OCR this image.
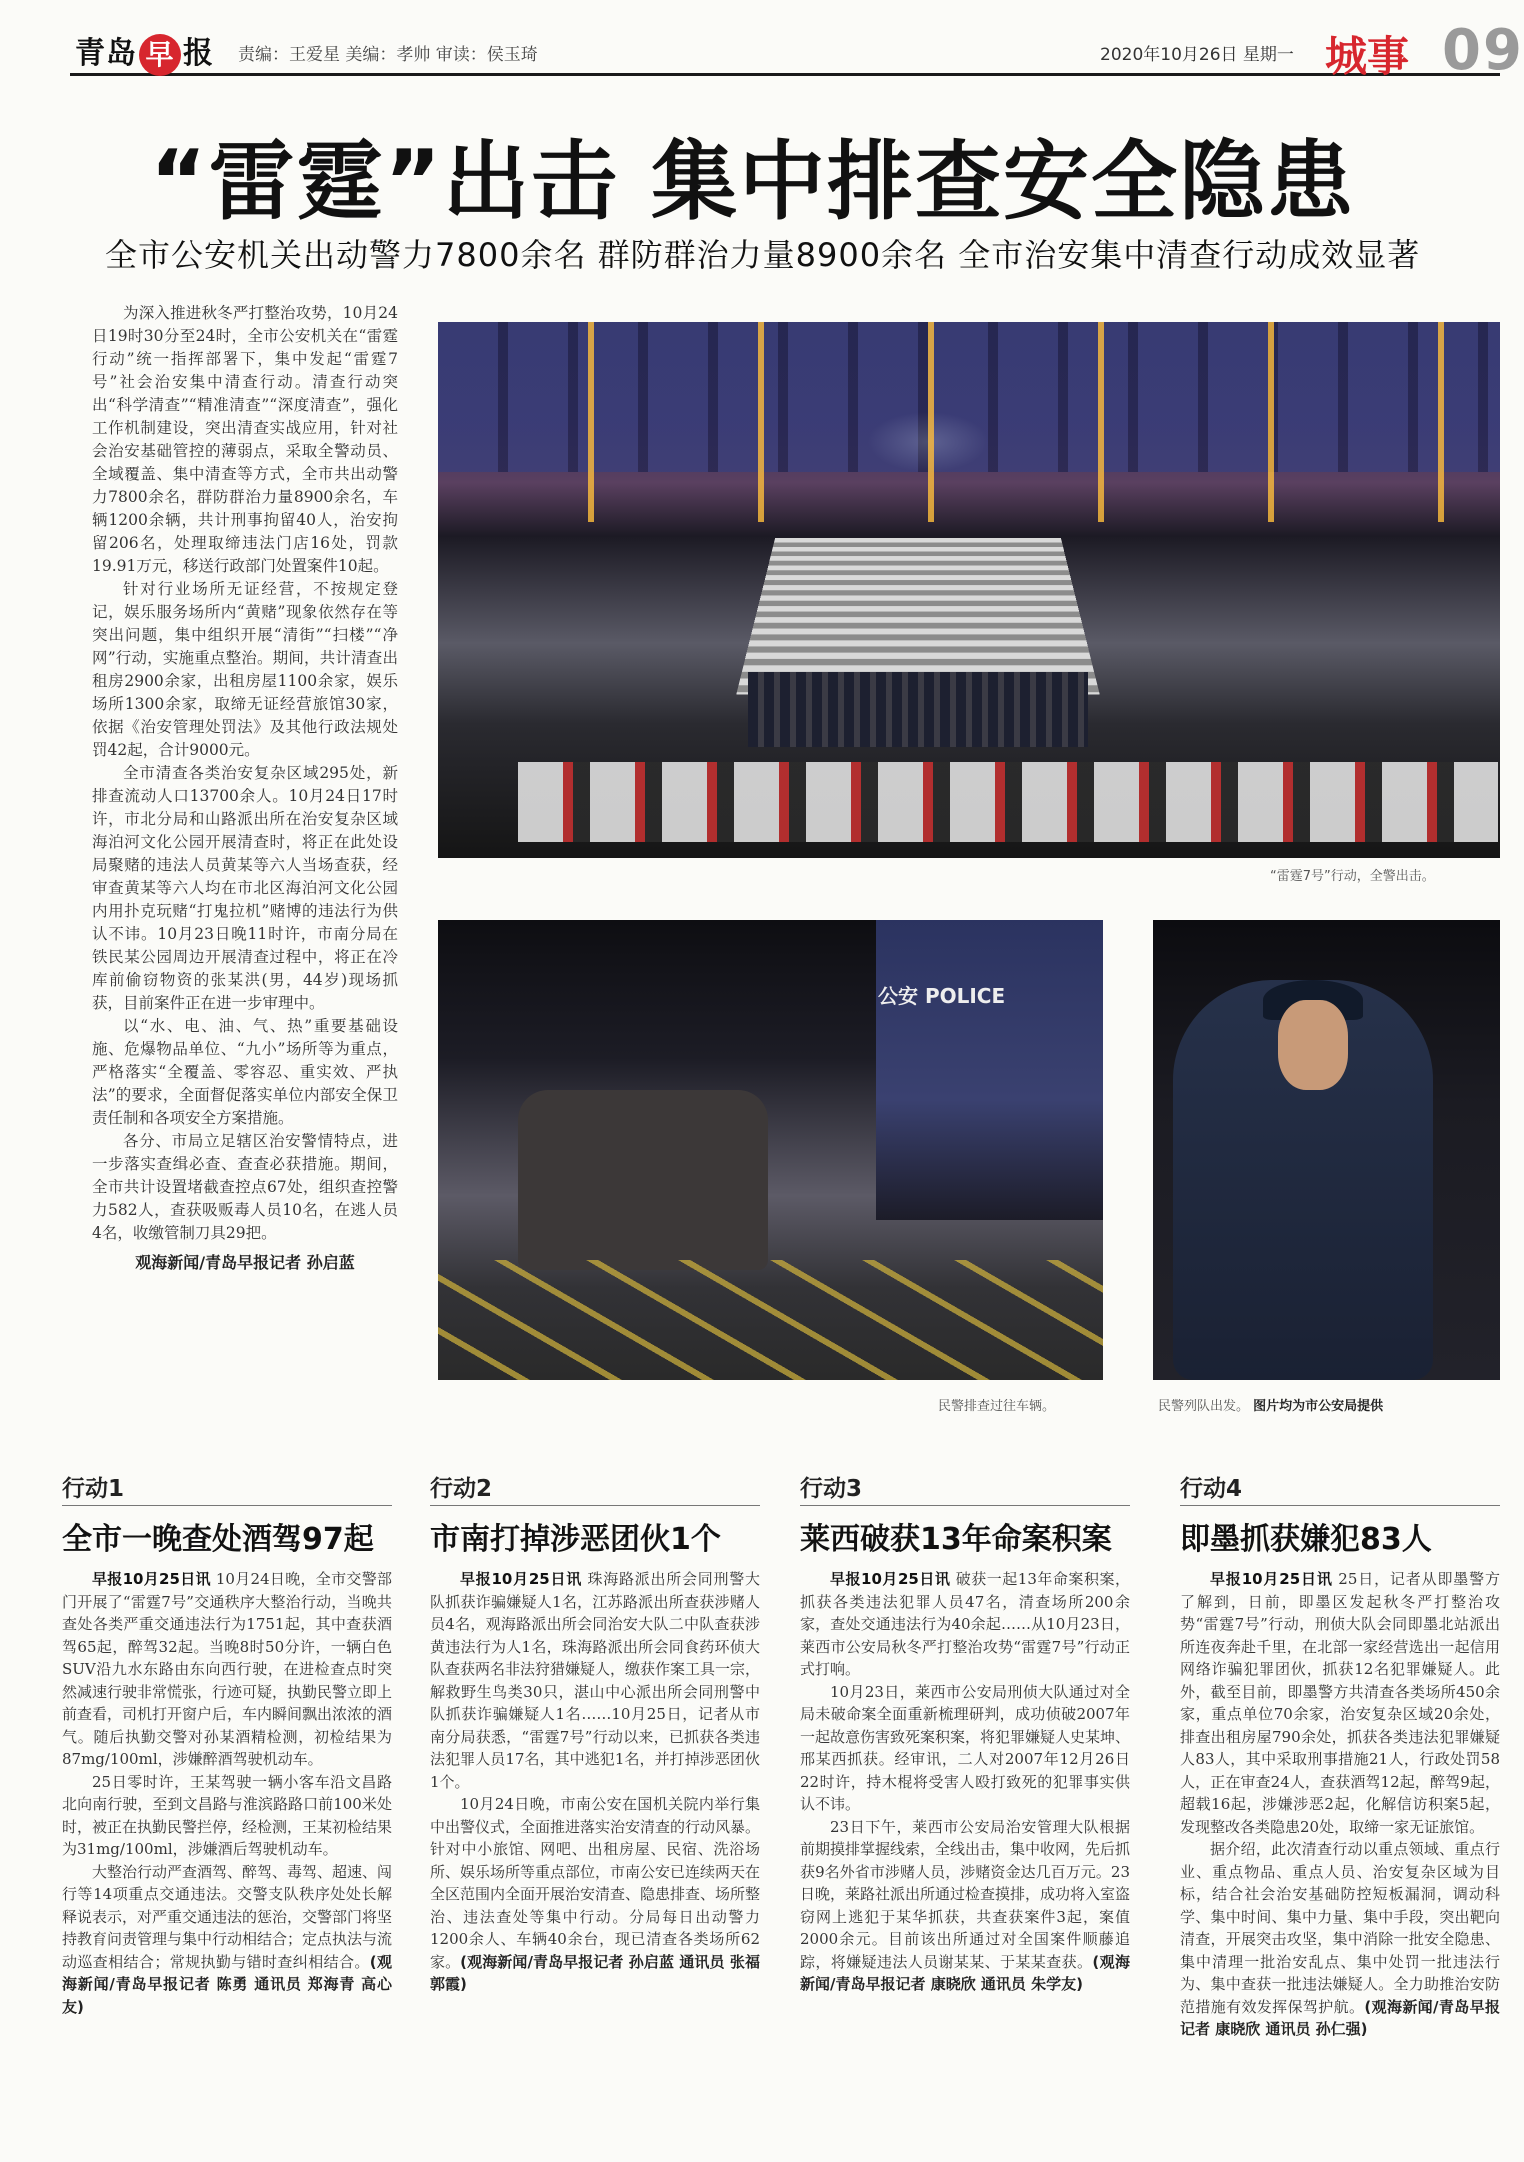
青岛 早 报 责编：王爱星 美编：孝帅 审读：侯玉琦	2020年10月26日 星期一 城事 09
“雷霆”出击 集中排查安全隐患
全市公安机关出动警力7800余名 群防群治力量8900余名 全市治安集中清查行动成效显著

为深入推进秋冬严打整治攻势，10月24日19时30分至24时，全市公安机关在“雷霆行动”统一指挥部署下，集中发起“雷霆7号”社会治安集中清查行动。清查行动突出“科学清查”“精准清查”“深度清查”，强化工作机制建设，突出清查实战应用，针对社会治安基础管控的薄弱点，采取全警动员、全域覆盖、集中清查等方式，全市共出动警力7800余名，群防群治力量8900余名，车辆1200余辆，共计刑事拘留40人，治安拘留206名，处理取缔违法门店16处，罚款19.91万元，移送行政部门处置案件10起。

针对行业场所无证经营，不按规定登记，娱乐服务场所内“黄赌”现象依然存在等突出问题，集中组织开展“清街”“扫楼”“净网”行动，实施重点整治。期间，共计清查出租房2900余家，出租房屋1100余家，娱乐场所1300余家，取缔无证经营旅馆30家，依据《治安管理处罚法》及其他行政法规处罚42起，合计9000元。

全市清查各类治安复杂区域295处，新排查流动人口13700余人。10月24日17时许，市北分局和山路派出所在治安复杂区域海泊河文化公园开展清查时，将正在此处设局聚赌的违法人员黄某等六人当场查获，经审查黄某等六人均在市北区海泊河文化公园内用扑克玩赌“打鬼拉机”赌博的违法行为供认不讳。10月23日晚11时许，市南分局在铁民某公园周边开展清查过程中，将正在冷库前偷窃物资的张某洪(男，44岁)现场抓获，目前案件正在进一步审理中。

以“水、电、油、气、热”重要基础设施、危爆物品单位、“九小”场所等为重点，严格落实“全覆盖、零容忍、重实效、严执法”的要求，全面督促落实单位内部安全保卫责任制和各项安全方案措施。

各分、市局立足辖区治安警情特点，进一步落实查缉必查、查查必获措施。期间，全市共计设置堵截查控点67处，组织查控警力582人，查获吸贩毒人员10名，在逃人员4名，收缴管制刀具29把。

观海新闻/青岛早报记者 孙启蓝
“雷霆7号”行动，全警出击。
公安 POLICE
民警排查过往车辆。	民警列队出发。 图片均为市公安局提供
行动1
全市一晚查处酒驾97起

早报10月25日讯 10月24日晚，全市交警部门开展了“雷霆7号”交通秩序大整治行动，当晚共查处各类严重交通违法行为1751起，其中查获酒驾65起，醉驾32起。当晚8时50分许，一辆白色SUV沿九水东路由东向西行驶，在进检查点时突然减速行驶非常慌张，行迹可疑，执勤民警立即上前查看，司机打开窗户后，车内瞬间飘出浓浓的酒气。随后执勤交警对孙某酒精检测，初检结果为87mg/100ml，涉嫌醉酒驾驶机动车。

25日零时许，王某驾驶一辆小客车沿文昌路北向南行驶，至到文昌路与淮滨路路口前100米处时，被正在执勤民警拦停，经检测，王某初检结果为31mg/100ml，涉嫌酒后驾驶机动车。

大整治行动严查酒驾、醉驾、毒驾、超速、闯行等14项重点交通违法。交警支队秩序处处长解释说表示，对严重交通违法的惩治，交警部门将坚持教育问责管理与集中行动相结合；定点执法与流动巡查相结合；常规执勤与错时查纠相结合。(观海新闻/青岛早报记者 陈勇 通讯员 郑海青 高心友)

行动2
市南打掉涉恶团伙1个

早报10月25日讯 珠海路派出所会同刑警大队抓获诈骗嫌疑人1名，江苏路派出所查获涉赌人员4名，观海路派出所会同治安大队二中队查获涉黄违法行为人1名，珠海路派出所会同食药环侦大队查获两名非法狩猎嫌疑人，缴获作案工具一宗，解救野生鸟类30只，湛山中心派出所会同刑警中队抓获诈骗嫌疑人1名……10月25日，记者从市南分局获悉，“雷霆7号”行动以来，已抓获各类违法犯罪人员17名，其中逃犯1名，并打掉涉恶团伙1个。

10月24日晚，市南公安在国机关院内举行集中出警仪式，全面推进落实治安清查的行动风暴。针对中小旅馆、网吧、出租房屋、民宿、洗浴场所、娱乐场所等重点部位，市南公安已连续两天在全区范围内全面开展治安清查、隐患排查、场所整治、违法查处等集中行动。分局每日出动警力1200余人、车辆40余台，现已清查各类场所62家。(观海新闻/青岛早报记者 孙启蓝 通讯员 张福 郭霞)

行动3
莱西破获13年命案积案

早报10月25日讯 破获一起13年命案积案，抓获各类违法犯罪人员47名，清查场所200余家，查处交通违法行为40余起……从10月23日，莱西市公安局秋冬严打整治攻势“雷霆7号”行动正式打响。

10月23日，莱西市公安局刑侦大队通过对全局未破命案全面重新梳理研判，成功侦破2007年一起故意伤害致死案积案，将犯罪嫌疑人史某坤、邢某西抓获。经审讯，二人对2007年12月26日22时许，持木棍将受害人殴打致死的犯罪事实供认不讳。

23日下午，莱西市公安局治安管理大队根据前期摸排掌握线索，全线出击，集中收网，先后抓获9名外省市涉赌人员，涉赌资金达几百万元。23日晚，莱路社派出所通过检查摸排，成功将入室盗窃网上逃犯于某华抓获，共查获案件3起，案值2000余元。目前该出所通过对全国案件顺藤追踪，将嫌疑违法人员谢某某、于某某查获。(观海新闻/青岛早报记者 康晓欣 通讯员 朱学友)

行动4
即墨抓获嫌犯83人

早报10月25日讯 25日，记者从即墨警方了解到，日前，即墨区发起秋冬严打整治攻势“雷霆7号”行动，刑侦大队会同即墨北站派出所连夜奔赴千里，在北部一家经营选出一起信用网络诈骗犯罪团伙，抓获12名犯罪嫌疑人。此外，截至目前，即墨警方共清查各类场所450余家，重点单位70余家，治安复杂区域20余处，排查出租房屋790余处，抓获各类违法犯罪嫌疑人83人，其中采取刑事措施21人，行政处罚58人，正在审查24人，查获酒驾12起，醉驾9起，超载16起，涉嫌涉恶2起，化解信访积案5起，发现整改各类隐患20处，取缔一家无证旅馆。

据介绍，此次清查行动以重点领域、重点行业、重点物品、重点人员、治安复杂区域为目标，结合社会治安基础防控短板漏洞，调动科学、集中时间、集中力量、集中手段，突出靶向清查，开展突击攻坚，集中消除一批安全隐患、集中清理一批治安乱点、集中处罚一批违法行为、集中查获一批违法嫌疑人。全力助推治安防范措施有效发挥保驾护航。(观海新闻/青岛早报记者 康晓欣 通讯员 孙仁强)
